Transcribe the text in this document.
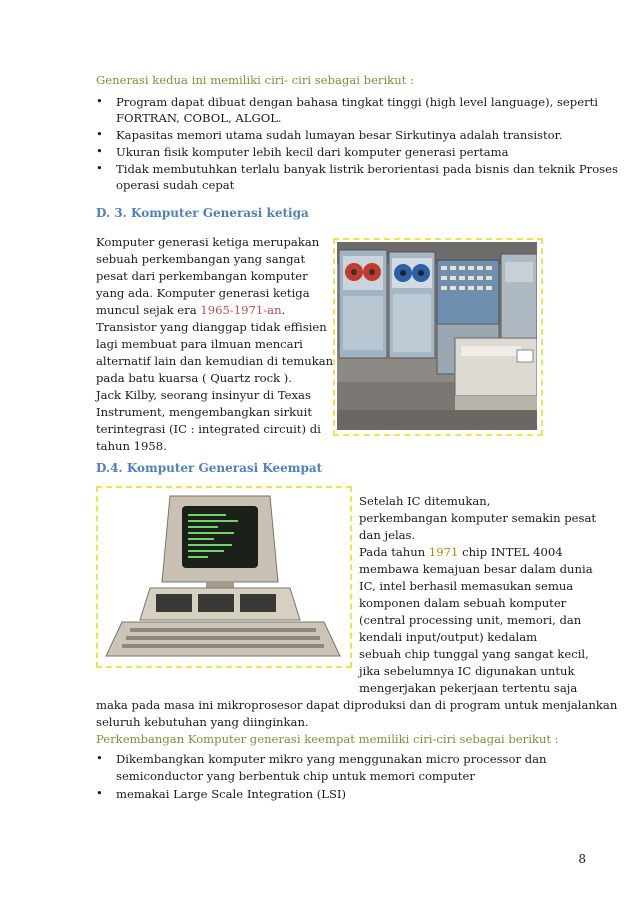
Generasi kedua ini memiliki ciri- ciri sebagai berikut :
•	Program dapat dibuat dengan bahasa tingkat tinggi (high level language), seperti
FORTRAN, COBOL, ALGOL.
•	Kapasitas memori utama sudah lumayan besar Sirkutinya adalah transistor.
•	Ukuran fisik komputer lebih kecil dari komputer generasi pertama
•	Tidak membutuhkan terlalu banyak listrik berorientasi pada bisnis dan teknik Proses
operasi sudah cepat
D. 3. Komputer Generasi ketiga
Komputer generasi ketiga merupakan
sebuah perkembangan yang sangat
pesat dari perkembangan komputer
yang ada. Komputer generasi ketiga
muncul sejak era 1965-1971-an.
Transistor yang dianggap tidak effisien
lagi membuat para ilmuan mencari
alternatif lain dan kemudian di temukan
pada batu kuarsa ( Quartz rock ).
Jack Kilby, seorang insinyur di Texas
Instrument, mengembangkan sirkuit
terintegrasi (IC : integrated circuit) di
tahun 1958.
D.4. Komputer Generasi Keempat
Setelah IC ditemukan,
perkembangan komputer semakin pesat
dan jelas.
Pada tahun 1971 chip INTEL 4004
membawa kemajuan besar dalam dunia
IC, intel berhasil memasukan semua
komponen dalam sebuah komputer
(central processing unit, memori, dan
kendali input/output) kedalam
sebuah chip tunggal yang sangat kecil,
jika sebelumnya IC digunakan untuk
mengerjakan pekerjaan tertentu saja
maka pada masa ini mikroprosesor dapat diproduksi dan di program untuk menjalankan
seluruh kebutuhan yang diinginkan.
Perkembangan Komputer generasi keempat memiliki ciri-ciri sebagai berikut :
•	Dikembangkan komputer mikro yang menggunakan micro processor dan
semiconductor yang berbentuk chip untuk memori computer
•	memakai Large Scale Integration (LSI)
8
